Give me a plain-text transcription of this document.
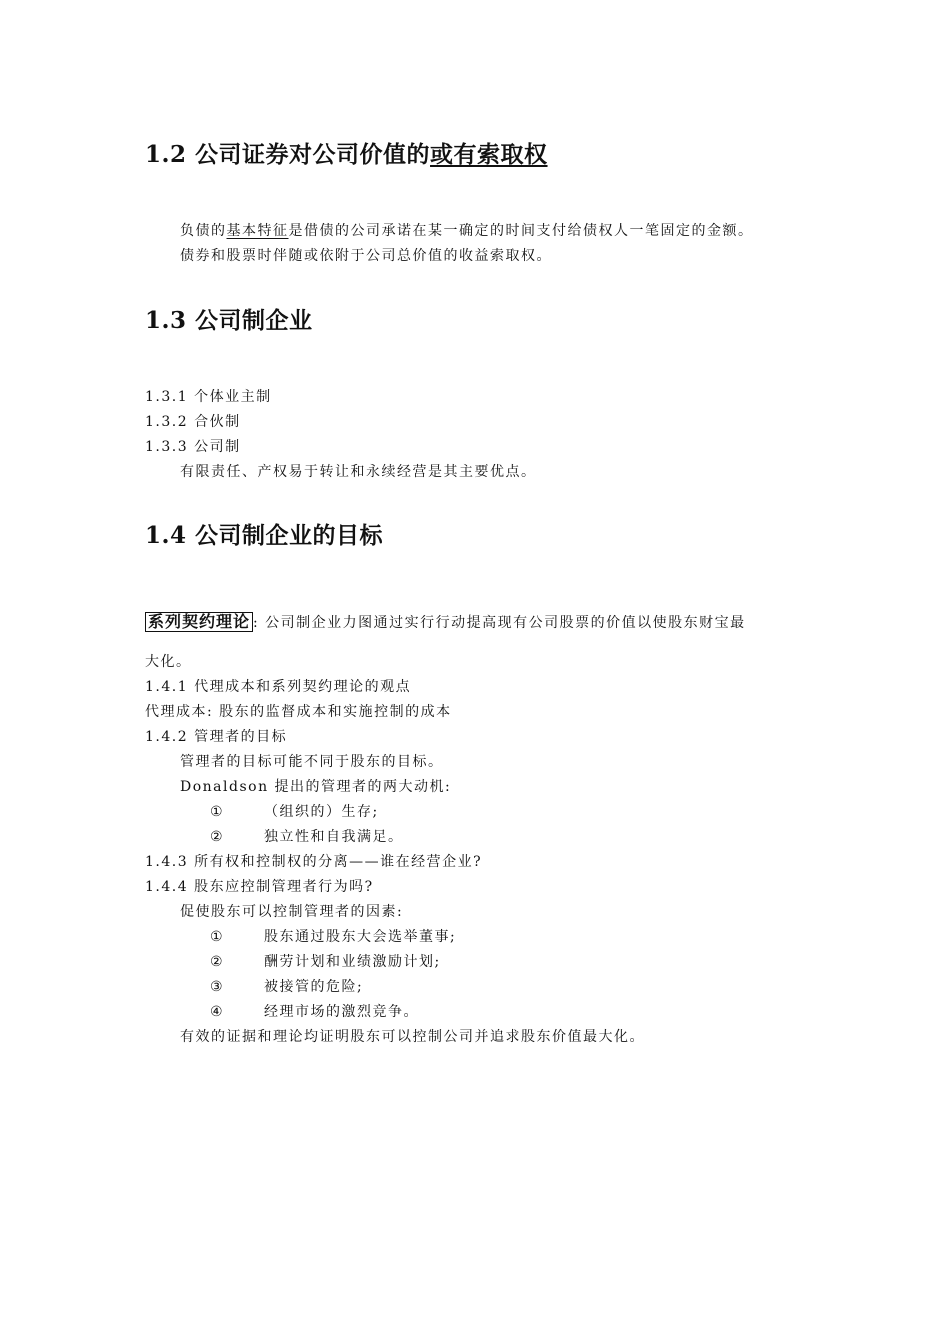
1.2 公司证券对公司价值的或有索取权
负债的基本特征是借债的公司承诺在某一确定的时间支付给债权人一笔固定的金额。
债券和股票时伴随或依附于公司总价值的收益索取权。
1.3 公司制企业
1.3.1 个体业主制
1.3.2 合伙制
1.3.3 公司制
有限责任、产权易于转让和永续经营是其主要优点。
1.4 公司制企业的目标
系列契约理论 : 公司制企业力图通过实行行动提高现有公司股票的价值以使股东财宝最
大化。
1.4.1 代理成本和系列契约理论的观点
代理成本: 股东的监督成本和实施控制的成本
1.4.2 管理者的目标
管理者的目标可能不同于股东的目标。
Donaldson 提出的管理者的两大动机:
①	（组织的）生存;
②	独立性和自我满足。
1.4.3 所有权和控制权的分离——谁在经营企业?
1.4.4 股东应控制管理者行为吗?
促使股东可以控制管理者的因素:
①	股东通过股东大会选举董事;
②	酬劳计划和业绩激励计划;
③	被接管的危险;
④	经理市场的激烈竞争。
有效的证据和理论均证明股东可以控制公司并追求股东价值最大化。
